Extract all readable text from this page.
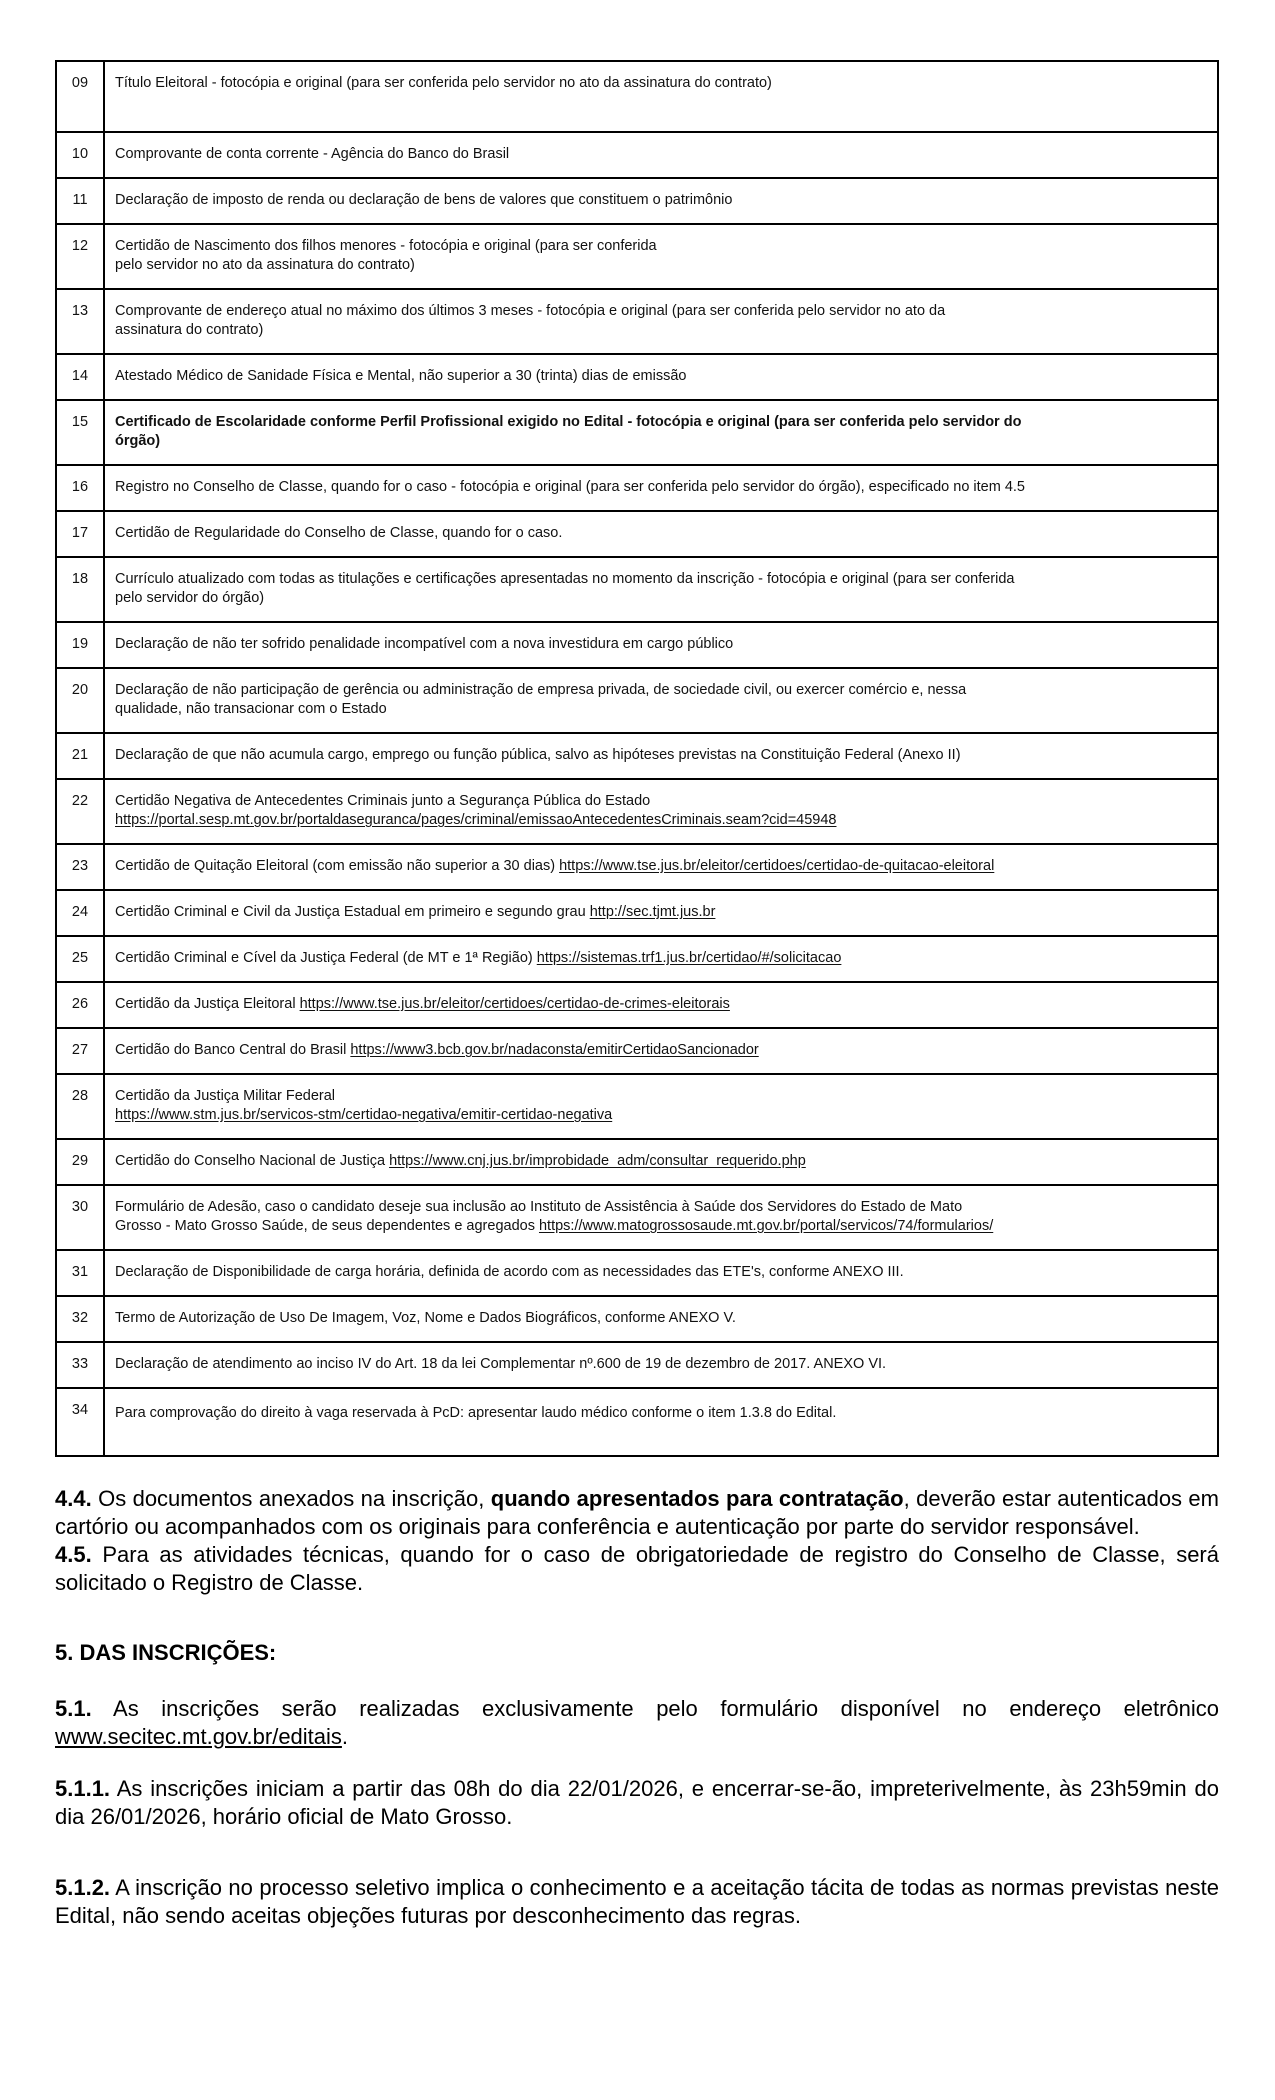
09	Título Eleitoral - fotocópia e original (para ser conferida pelo servidor no ato da assinatura do contrato)
10	Comprovante de conta corrente - Agência do Banco do Brasil
11	Declaração de imposto de renda ou declaração de bens de valores que constituem o patrimônio
12	Certidão de Nascimento dos filhos menores - fotocópia e original (para ser conferida
pelo servidor no ato da assinatura do contrato)
13	Comprovante de endereço atual no máximo dos últimos 3 meses - fotocópia e original (para ser conferida pelo servidor no ato da
assinatura do contrato)
14	Atestado Médico de Sanidade Física e Mental, não superior a 30 (trinta) dias de emissão
15	Certificado de Escolaridade conforme Perfil Profissional exigido no Edital - fotocópia e original (para ser conferida pelo servidor do
órgão)
16	Registro no Conselho de Classe, quando for o caso - fotocópia e original (para ser conferida pelo servidor do órgão), especificado no item 4.5
17	Certidão de Regularidade do Conselho de Classe, quando for o caso.
18	Currículo atualizado com todas as titulações e certificações apresentadas no momento da inscrição - fotocópia e original (para ser conferida
pelo servidor do órgão)
19	Declaração de não ter sofrido penalidade incompatível com a nova investidura em cargo público
20	Declaração de não participação de gerência ou administração de empresa privada, de sociedade civil, ou exercer comércio e, nessa
qualidade, não transacionar com o Estado
21	Declaração de que não acumula cargo, emprego ou função pública, salvo as hipóteses previstas na Constituição Federal (Anexo II)
22	Certidão Negativa de Antecedentes Criminais junto a Segurança Pública do Estado
https://portal.sesp.mt.gov.br/portaldaseguranca/pages/criminal/emissaoAntecedentesCriminais.seam?cid=45948
23	Certidão de Quitação Eleitoral (com emissão não superior a 30 dias) https://www.tse.jus.br/eleitor/certidoes/certidao-de-quitacao-eleitoral
24	Certidão Criminal e Civil da Justiça Estadual em primeiro e segundo grau http://sec.tjmt.jus.br
25	Certidão Criminal e Cível da Justiça Federal (de MT e 1ª Região) https://sistemas.trf1.jus.br/certidao/#/solicitacao
26	Certidão da Justiça Eleitoral https://www.tse.jus.br/eleitor/certidoes/certidao-de-crimes-eleitorais
27	Certidão do Banco Central do Brasil https://www3.bcb.gov.br/nadaconsta/emitirCertidaoSancionador
28	Certidão da Justiça Militar Federal
https://www.stm.jus.br/servicos-stm/certidao-negativa/emitir-certidao-negativa
29	Certidão do Conselho Nacional de Justiça https://www.cnj.jus.br/improbidade_adm/consultar_requerido.php
30	Formulário de Adesão, caso o candidato deseje sua inclusão ao Instituto de Assistência à Saúde dos Servidores do Estado de Mato
Grosso - Mato Grosso Saúde, de seus dependentes e agregados https://www.matogrossosaude.mt.gov.br/portal/servicos/74/formularios/
31	Declaração de Disponibilidade de carga horária, definida de acordo com as necessidades das ETE's, conforme ANEXO III.
32	Termo de Autorização de Uso De Imagem, Voz, Nome e Dados Biográficos, conforme ANEXO V.
33	Declaração de atendimento ao inciso IV do Art. 18 da lei Complementar nº.600 de 19 de dezembro de 2017. ANEXO VI.
34	Para comprovação do direito à vaga reservada à PcD: apresentar laudo médico conforme o item 1.3.8 do Edital.

4.4. Os documentos anexados na inscrição, quando apresentados para contratação, deverão estar autenticados em cartório ou acompanhados com os originais para conferência e autenticação por parte do servidor responsável.

4.5. Para as atividades técnicas, quando for o caso de obrigatoriedade de registro do Conselho de Classe, será solicitado o Registro de Classe.

5. DAS INSCRIÇÕES:

5.1. As inscrições serão realizadas exclusivamente pelo formulário disponível no endereço eletrônico www.secitec.mt.gov.br/editais.

5.1.1. As inscrições iniciam a partir das 08h do dia 22/01/2026, e encerrar-se-ão, impreterivelmente, às 23h59min do dia 26/01/2026, horário oficial de Mato Grosso.

5.1.2. A inscrição no processo seletivo implica o conhecimento e a aceitação tácita de todas as normas previstas neste Edital, não sendo aceitas objeções futuras por desconhecimento das regras.
